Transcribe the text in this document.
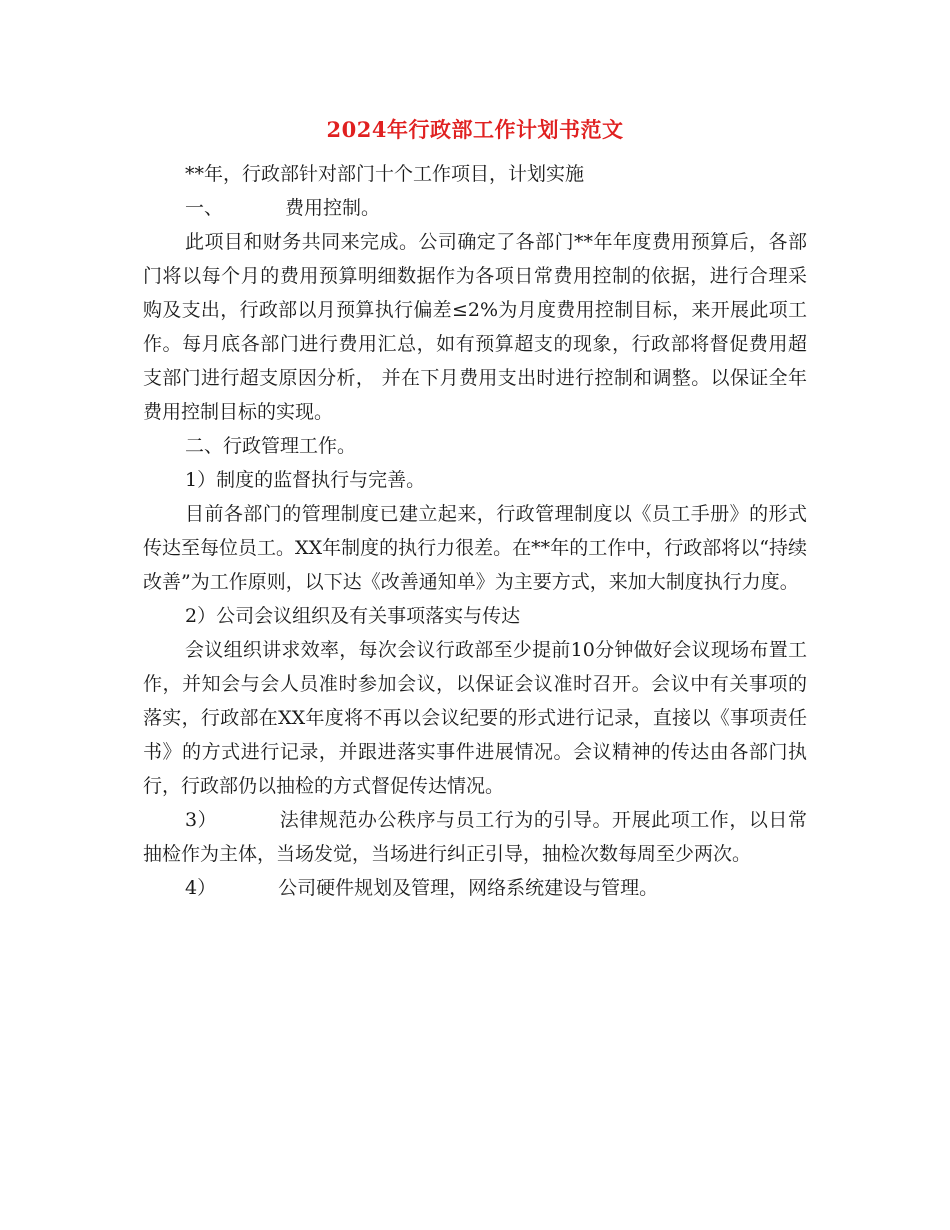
2024年行政部工作计划书范文

**年，行政部针对部门十个工作项目，计划实施

一、	费用控制。

此项目和财务共同来完成。公司确定了各部门**年年度费用预算后，各部门将以每个月的费用预算明细数据作为各项日常费用控制的依据，进行合理采购及支出，行政部以月预算执行偏差≤2%为月度费用控制目标，来开展此项工作。每月底各部门进行费用汇总，如有预算超支的现象，行政部将督促费用超支部门进行超支原因分析， 并在下月费用支出时进行控制和调整。以保证全年费用控制目标的实现。

二、行政管理工作。

1）制度的监督执行与完善。

目前各部门的管理制度已建立起来，行政管理制度以《员工手册》的形式传达至每位员工。XX年制度的执行力很差。在**年的工作中，行政部将以“持续改善”为工作原则，以下达《改善通知单》为主要方式，来加大制度执行力度。

2）公司会议组织及有关事项落实与传达

会议组织讲求效率，每次会议行政部至少提前10分钟做好会议现场布置工作，并知会与会人员准时参加会议，以保证会议准时召开。会议中有关事项的落实，行政部在XX年度将不再以会议纪要的形式进行记录，直接以《事项责任书》的方式进行记录，并跟进落实事件进展情况。会议精神的传达由各部门执行，行政部仍以抽检的方式督促传达情况。

3）	法律规范办公秩序与员工行为的引导。开展此项工作，以日常抽检作为主体，当场发觉，当场进行纠正引导，抽检次数每周至少两次。

4）	公司硬件规划及管理，网络系统建设与管理。
